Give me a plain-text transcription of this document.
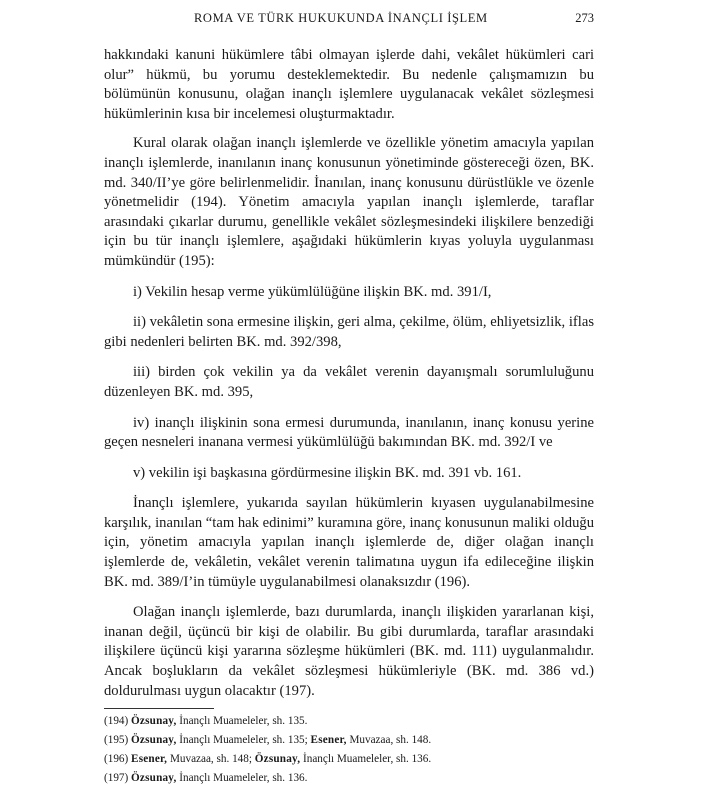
ROMA VE TÜRK HUKUKUNDA İNANÇLI İŞLEM	273

hakkındaki kanuni hükümlere tâbi olmayan işlerde dahi, vekâlet hükümleri cari olur” hükmü, bu yorumu desteklemektedir. Bu nedenle çalışmamızın bu bölümünün konusunu, olağan inançlı işlemlere uygulanacak vekâlet sözleşmesi hükümlerinin kısa bir incelemesi oluşturmaktadır.

Kural olarak olağan inançlı işlemlerde ve özellikle yönetim amacıyla yapılan inançlı işlemlerde, inanılanın inanç konusunun yönetiminde göstereceği özen, BK. md. 340/II’ye göre belirlenmelidir. İnanılan, inanç konusunu dürüstlükle ve özenle yönetmelidir (194). Yönetim amacıyla yapılan inançlı işlemlerde, taraflar arasındaki çıkarlar durumu, genellikle vekâlet sözleşmesindeki ilişkilere benzediği için bu tür inançlı işlemlere, aşağıdaki hükümlerin kıyas yoluyla uygulanması mümkündür (195):

i) Vekilin hesap verme yükümlülüğüne ilişkin BK. md. 391/I,

ii) vekâletin sona ermesine ilişkin, geri alma, çekilme, ölüm, ehliyetsizlik, iflas gibi nedenleri belirten BK. md. 392/398,

iii) birden çok vekilin ya da vekâlet verenin dayanışmalı sorumluluğunu düzenleyen BK. md. 395,

iv) inançlı ilişkinin sona ermesi durumunda, inanılanın, inanç konusu yerine geçen nesneleri inanana vermesi yükümlülüğü bakımından BK. md. 392/I ve

v) vekilin işi başkasına gördürmesine ilişkin BK. md. 391 vb. 161.

İnançlı işlemlere, yukarıda sayılan hükümlerin kıyasen uygulanabilmesine karşılık, inanılan “tam hak edinimi” kuramına göre, inanç konusunun maliki olduğu için, yönetim amacıyla yapılan inançlı işlemlerde de, diğer olağan inançlı işlemlerde de, vekâletin, vekâlet verenin talimatına uygun ifa edileceğine ilişkin BK. md. 389/I’in tümüyle uygulanabilmesi olanaksızdır (196).

Olağan inançlı işlemlerde, bazı durumlarda, inançlı ilişkiden yararlanan kişi, inanan değil, üçüncü bir kişi de olabilir. Bu gibi durumlarda, taraflar arasındaki ilişkilere üçüncü kişi yararına sözleşme hükümleri (BK. md. 111) uygulanmalıdır. Ancak boşlukların da vekâlet sözleşmesi hükümleriyle (BK. md. 386 vd.) doldurulması uygun olacaktır (197).

(194) Özsunay, İnançlı Muameleler, sh. 135.
(195) Özsunay, İnançlı Muameleler, sh. 135; Esener, Muvazaa, sh. 148.
(196) Esener, Muvazaa, sh. 148; Özsunay, İnançlı Muameleler, sh. 136.
(197) Özsunay, İnançlı Muameleler, sh. 136.
